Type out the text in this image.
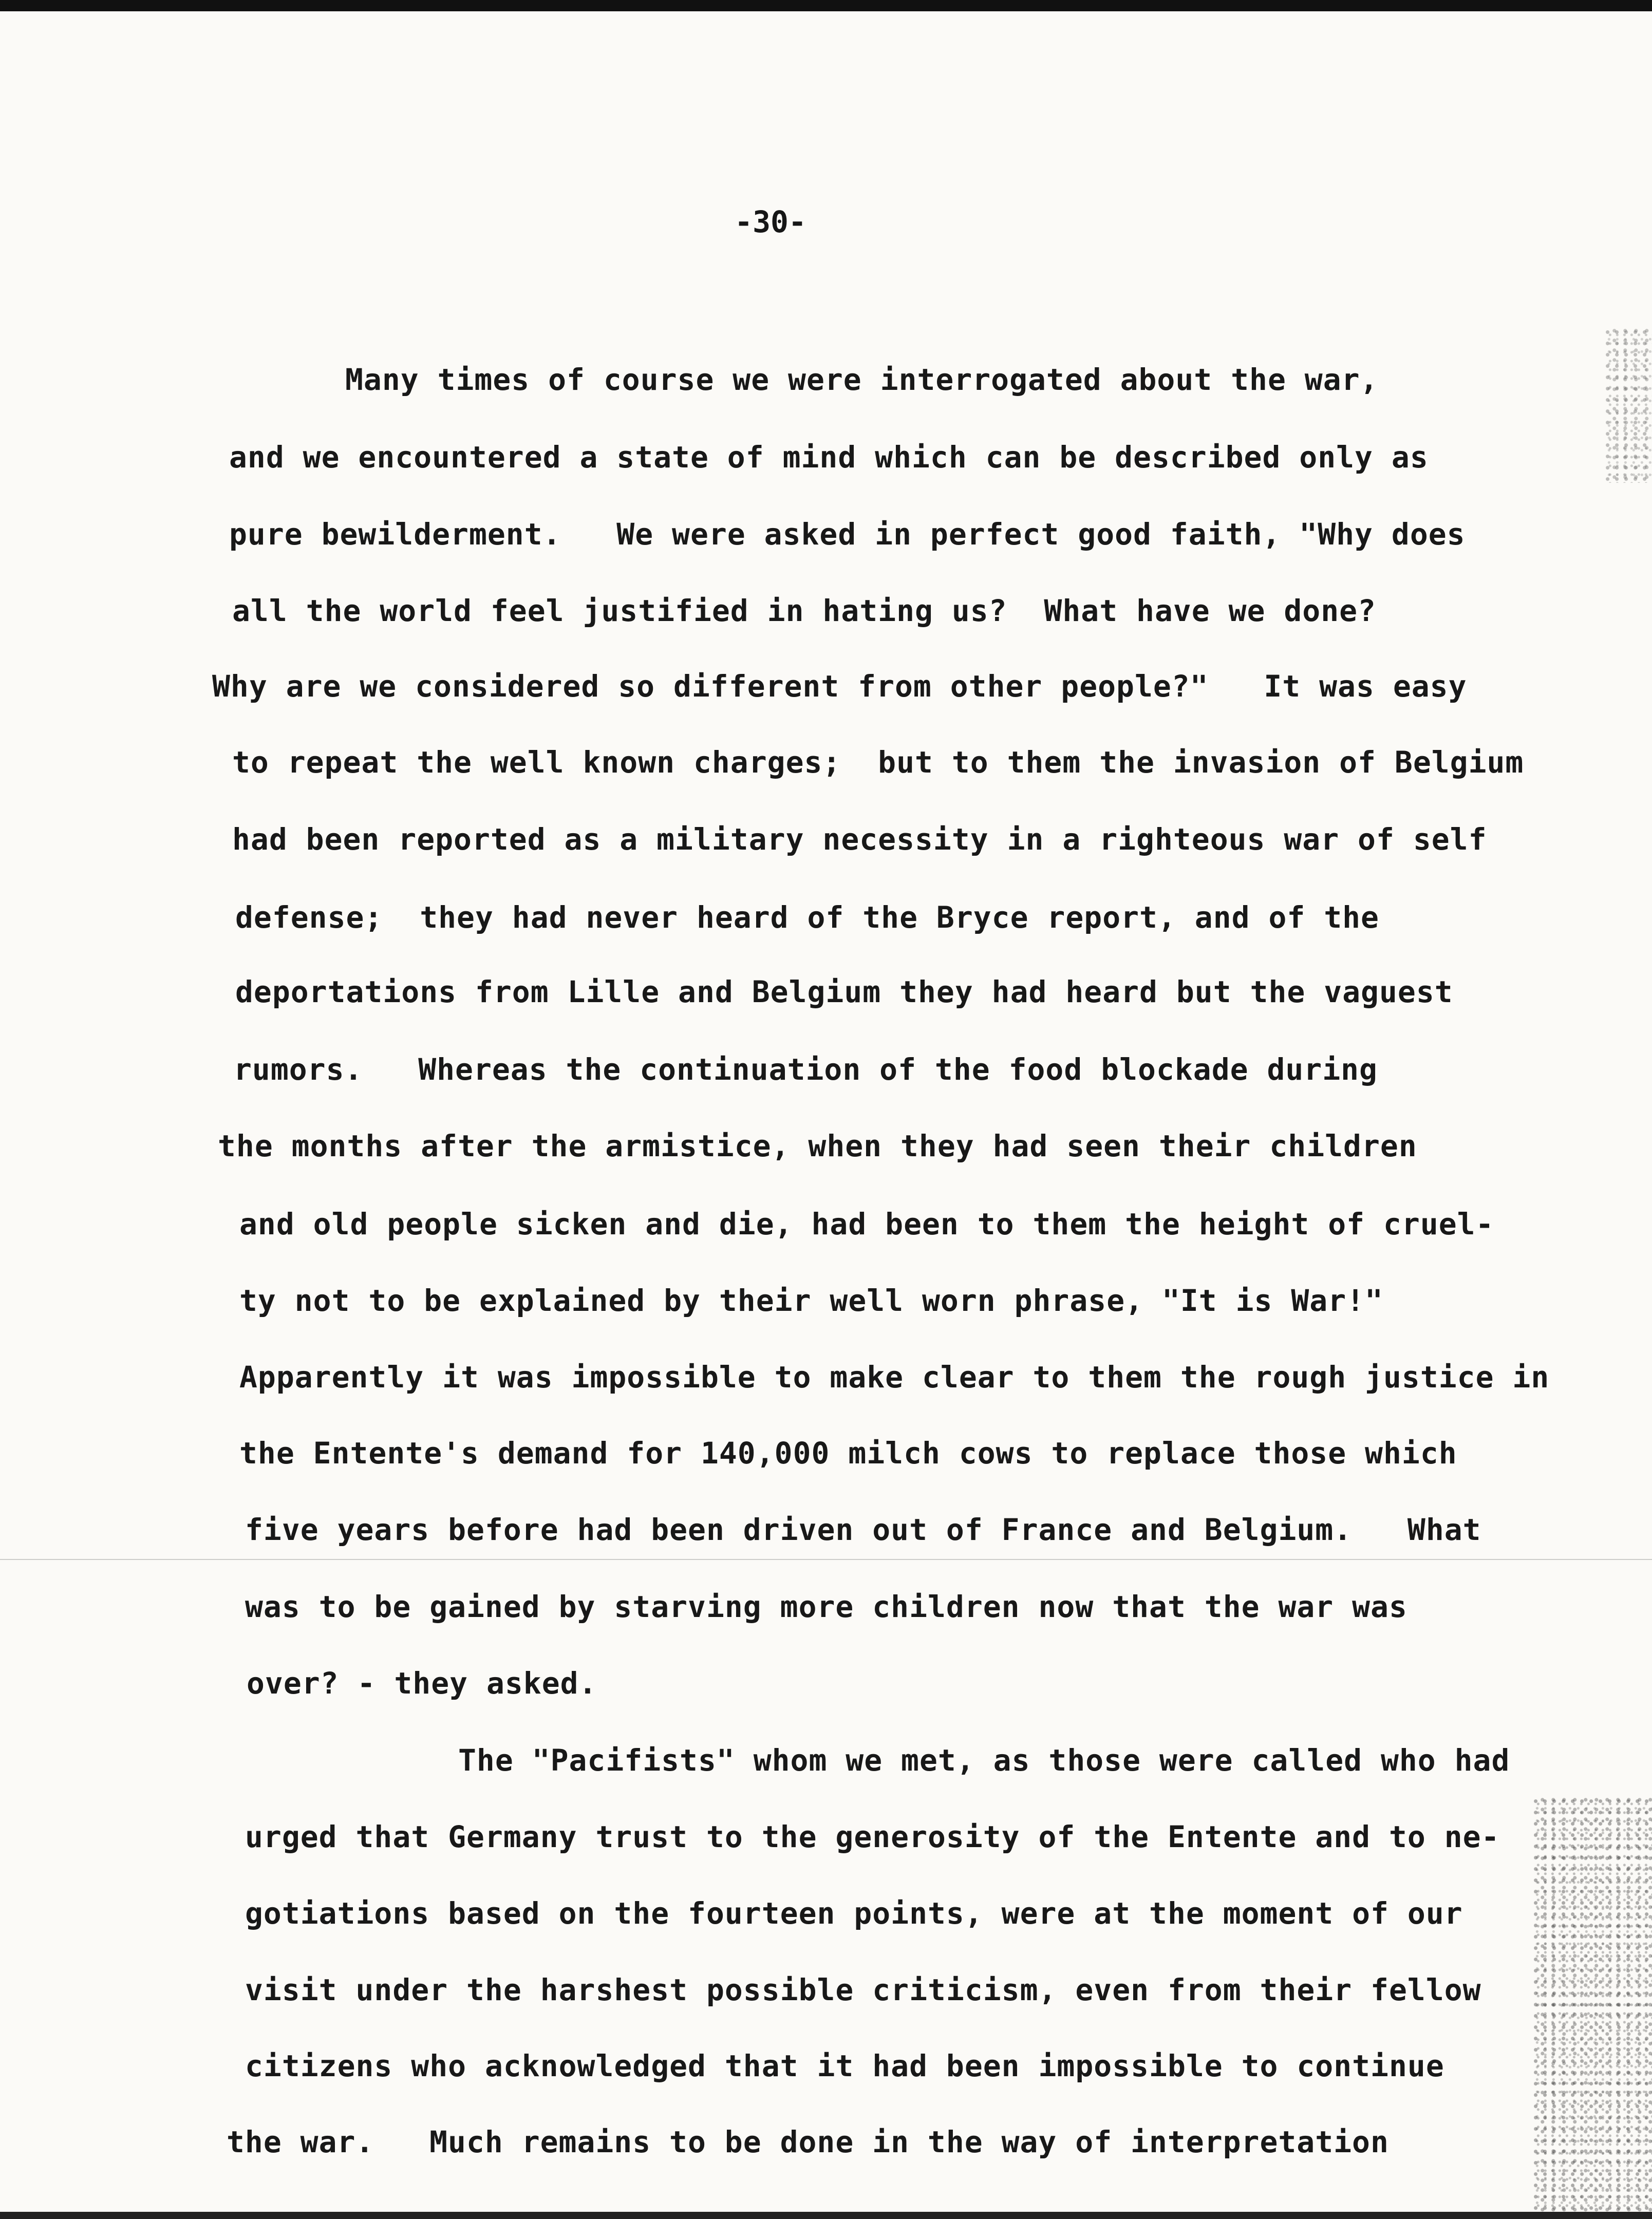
-30-
Many times of course we were interrogated about the war,
and we encountered a state of mind which can be described only as
pure bewilderment.   We were asked in perfect good faith, "Why does
all the world feel justified in hating us?  What have we done?
Why are we considered so different from other people?"   It was easy
to repeat the well known charges;  but to them the invasion of Belgium
had been reported as a military necessity in a righteous war of self
defense;  they had never heard of the Bryce report, and of the
deportations from Lille and Belgium they had heard but the vaguest
rumors.   Whereas the continuation of the food blockade during
the months after the armistice, when they had seen their children
and old people sicken and die, had been to them the height of cruel-
ty not to be explained by their well worn phrase, "It is War!"
Apparently it was impossible to make clear to them the rough justice in
the Entente's demand for 140,000 milch cows to replace those which
five years before had been driven out of France and Belgium.   What
was to be gained by starving more children now that the war was
over? - they asked.
The "Pacifists" whom we met, as those were called who had
urged that Germany trust to the generosity of the Entente and to ne-
gotiations based on the fourteen points, were at the moment of our
visit under the harshest possible criticism, even from their fellow
citizens who acknowledged that it had been impossible to continue
the war.   Much remains to be done in the way of interpretation
